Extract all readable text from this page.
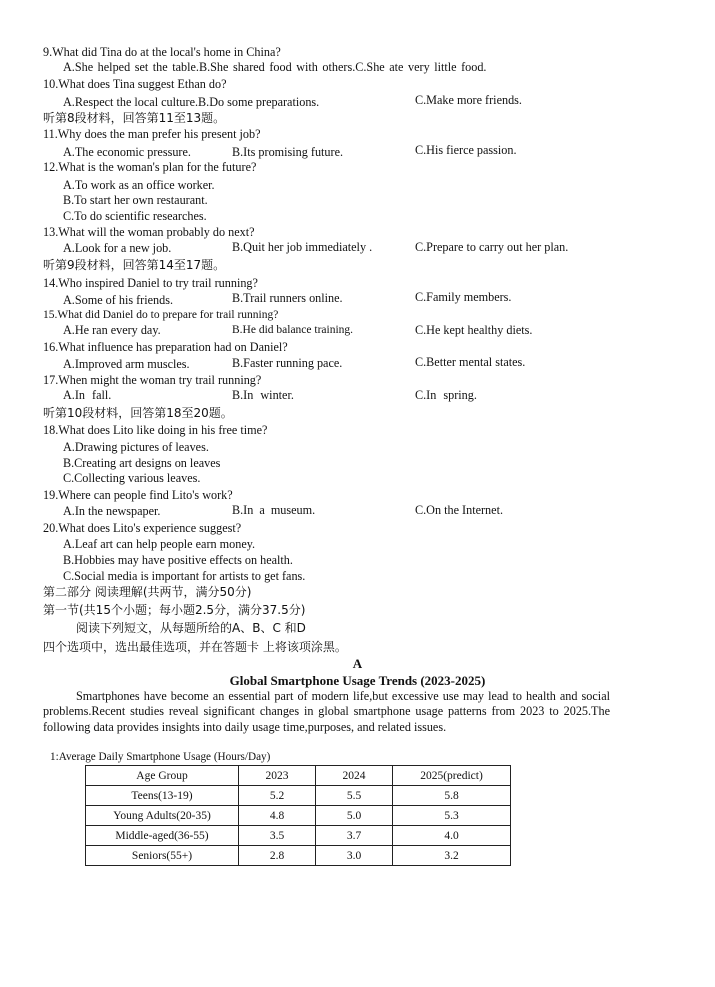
9.What did Tina do at the local's home in China?
A.She helped set the table.B.She shared food with others.C.She ate very little food.
10.What does Tina suggest Ethan do?
A.Respect the local culture.B.Do some preparations.	C.Make more friends.
听第8段材料，回答第11至13题。
11.Why does the man prefer his present job?
A.The economic pressure.	B.Its promising future.	C.His fierce passion.
12.What is the woman's plan for the future?
A.To work as an office worker.
B.To start her own restaurant.
C.To do scientific researches.
13.What will the woman probably do next?
A.Look for a new job.	B.Quit her job immediately .	C.Prepare to carry out her plan.
听第9段材料，回答第14至17题。
14.Who inspired Daniel to try trail running?
A.Some of his friends.	B.Trail runners online.	C.Family members.
15.What did Daniel do to prepare for trail running?
A.He ran every day.	B.He did balance training.	C.He kept healthy diets.
16.What influence has preparation had on Daniel?
A.Improved arm muscles.	B.Faster running pace.	C.Better mental states.
17.When might the woman try trail running?
A.In fall.	B.In winter.	C.In spring.
听第10段材料，回答第18至20题。
18.What does Lito like doing in his free time?
A.Drawing pictures of leaves.
B.Creating art designs on leaves
C.Collecting various leaves.
19.Where can people find Lito's work?
A.In the newspaper.	B.In a museum.	C.On the Internet.
20.What does Lito's experience suggest?
A.Leaf art can help people earn money.
B.Hobbies may have positive effects on health.
C.Social media is important for artists to get fans.
第二部分 阅读理解(共两节，满分50分)
第一节(共15个小题；每小题2.5分，满分37.5分)
阅读下列短文，从每题所给的A、B、C 和D
四个选项中，选出最佳选项，并在答题卡 上将该项涂黑。
A
Global Smartphone Usage Trends (2023-2025)

Smartphones have become an essential part of modern life,but excessive use may lead to health and social problems.Recent studies reveal significant changes in global smartphone usage patterns from 2023 to 2025.The following data provides insights into daily usage time,purposes, and related issues.

1:Average Daily Smartphone Usage (Hours/Day)
Age Group	2023	2024	2025(predict)
Teens(13-19)	5.2	5.5	5.8
Young Adults(20-35)	4.8	5.0	5.3
Middle-aged(36-55)	3.5	3.7	4.0
Seniors(55+)	2.8	3.0	3.2
